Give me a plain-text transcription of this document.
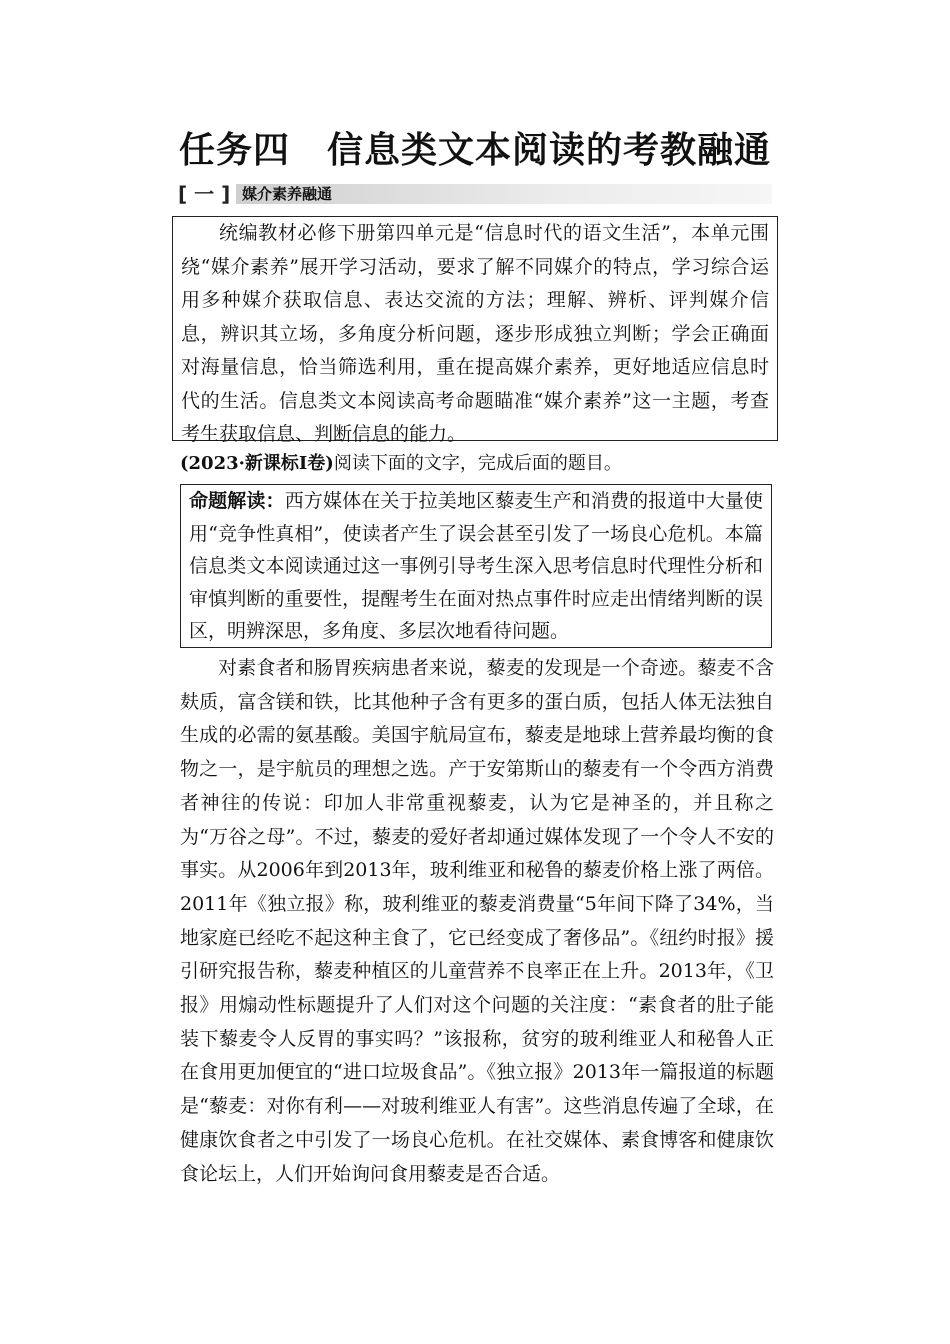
任务四　信息类文本阅读的考教融通
[ 一 ] 媒介素养融通

统编教材必修下册第四单元是“信息时代的语文生活”，本单元围绕“媒介素养”展开学习活动，要求了解不同媒介的特点，学习综合运用多种媒介获取信息、表达交流的方法；理解、辨析、评判媒介信息，辨识其立场，多角度分析问题，逐步形成独立判断；学会正确面对海量信息，恰当筛选利用，重在提高媒介素养，更好地适应信息时代的生活。信息类文本阅读高考命题瞄准“媒介素养”这一主题，考查考生获取信息、判断信息的能力。

(2023·新课标Ⅰ卷)阅读下面的文字，完成后面的题目。

命题解读：西方媒体在关于拉美地区藜麦生产和消费的报道中大量使用“竞争性真相”，使读者产生了误会甚至引发了一场良心危机。本篇信息类文本阅读通过这一事例引导考生深入思考信息时代理性分析和审慎判断的重要性，提醒考生在面对热点事件时应走出情绪判断的误区，明辨深思，多角度、多层次地看待问题。

对素食者和肠胃疾病患者来说，藜麦的发现是一个奇迹。藜麦不含麸质，富含镁和铁，比其他种子含有更多的蛋白质，包括人体无法独自生成的必需的氨基酸。美国宇航局宣布，藜麦是地球上营养最均衡的食物之一，是宇航员的理想之选。产于安第斯山的藜麦有一个令西方消费者神往的传说：印加人非常重视藜麦，认为它是神圣的，并且称之为“万谷之母”。不过，藜麦的爱好者却通过媒体发现了一个令人不安的事实。从2006年到2013年，玻利维亚和秘鲁的藜麦价格上涨了两倍。2011年《独立报》称，玻利维亚的藜麦消费量“5年间下降了34%，当地家庭已经吃不起这种主食了，它已经变成了奢侈品”。《纽约时报》援引研究报告称，藜麦种植区的儿童营养不良率正在上升。2013年，《卫报》用煽动性标题提升了人们对这个问题的关注度：“素食者的肚子能装下藜麦令人反胃的事实吗？”该报称，贫穷的玻利维亚人和秘鲁人正在食用更加便宜的“进口垃圾食品”。《独立报》2013年一篇报道的标题是“藜麦：对你有利——对玻利维亚人有害”。这些消息传遍了全球，在健康饮食者之中引发了一场良心危机。在社交媒体、素食博客和健康饮食论坛上，人们开始询问食用藜麦是否合适。
